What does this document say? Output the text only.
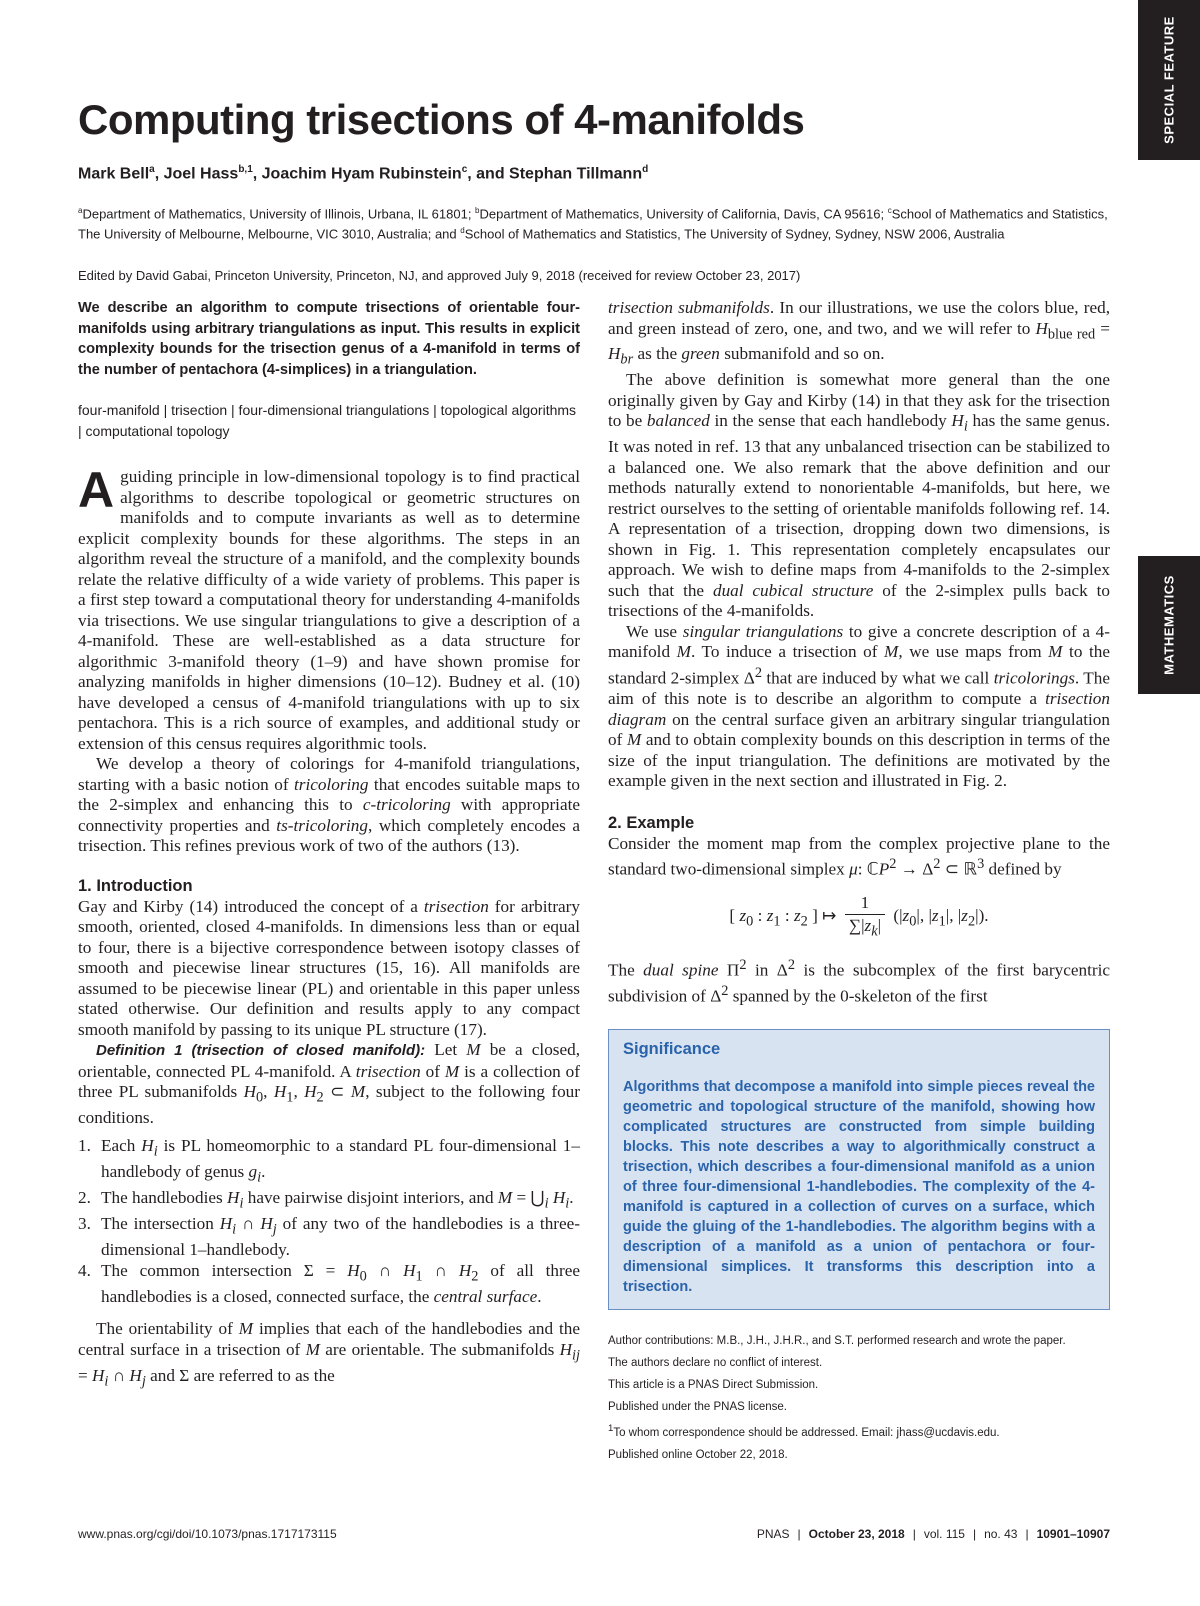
SPECIAL FEATURE
MATHEMATICS
Computing trisections of 4-manifolds
Mark Bell$^a$, Joel Hass$^{b,1}$, Joachim Hyam Rubinstein$^c$, and Stephan Tillmann$^d$
$^a$Department of Mathematics, University of Illinois, Urbana, IL 61801; $^b$Department of Mathematics, University of California, Davis, CA 95616; $^c$School of Mathematics and Statistics, The University of Melbourne, Melbourne, VIC 3010, Australia; and $^d$School of Mathematics and Statistics, The University of Sydney, Sydney, NSW 2006, Australia
Edited by David Gabai, Princeton University, Princeton, NJ, and approved July 9, 2018 (received for review October 23, 2017)

We describe an algorithm to compute trisections of orientable four-manifolds using arbitrary triangulations as input. This results in explicit complexity bounds for the trisection genus of a 4-manifold in terms of the number of pentachora (4-simplices) in a triangulation.

four-manifold | trisection | four-dimensional triangulations | topological algorithms | computational topology

A guiding principle in low-dimensional topology is to find practical algorithms to describe topological or geometric structures on manifolds and to compute invariants as well as to determine explicit complexity bounds for these algorithms. The steps in an algorithm reveal the structure of a manifold, and the complexity bounds relate the relative difficulty of a wide variety of problems. This paper is a first step toward a computational theory for understanding 4-manifolds via trisections. We use singular triangulations to give a description of a 4-manifold. These are well-established as a data structure for algorithmic 3-manifold theory (1–9) and have shown promise for analyzing manifolds in higher dimensions (10–12). Budney et al. (10) have developed a census of 4-manifold triangulations with up to six pentachora. This is a rich source of examples, and additional study or extension of this census requires algorithmic tools.

We develop a theory of colorings for 4-manifold triangulations, starting with a basic notion of tricoloring that encodes suitable maps to the 2-simplex and enhancing this to c-tricoloring with appropriate connectivity properties and ts-tricoloring, which completely encodes a trisection. This refines previous work of two of the authors (13).

1. Introduction

Gay and Kirby (14) introduced the concept of a trisection for arbitrary smooth, oriented, closed 4-manifolds. In dimensions less than or equal to four, there is a bijective correspondence between isotopy classes of smooth and piecewise linear structures (15, 16). All manifolds are assumed to be piecewise linear (PL) and orientable in this paper unless stated otherwise. Our definition and results apply to any compact smooth manifold by passing to its unique PL structure (17).

Definition 1 (trisection of closed manifold): Let M be a closed, orientable, connected PL 4-manifold. A trisection of M is a collection of three PL submanifolds $H_0$, $H_1$, $H_2$ ⊂ M, subject to the following four conditions.

1. Each $H_i$ is PL homeomorphic to a standard PL four-dimensional 1–handlebody of genus $g_i$.
2. The handlebodies $H_i$ have pairwise disjoint interiors, and $M = ⋃_i$ $H_i$.
3. The intersection $H_i$ ∩ $H_j$ of any two of the handlebodies is a three-dimensional 1–handlebody.
4. The common intersection $\Sigma = H_0$ ∩ $H_1$ ∩ $H_2$ of all three handlebodies is a closed, connected surface, the central surface.

The orientability of M implies that each of the handlebodies and the central surface in a trisection of M are orientable. The submanifolds $H_{ij} = H_i$ ∩ $H_j$ and Σ are referred to as the

trisection submanifolds. In our illustrations, we use the colors blue, red, and green instead of zero, one, and two, and we will refer to $H_{blue red} = H_{br}$ as the green submanifold and so on.

The above definition is somewhat more general than the one originally given by Gay and Kirby (14) in that they ask for the trisection to be balanced in the sense that each handlebody $H_i$ has the same genus. It was noted in ref. 13 that any unbalanced trisection can be stabilized to a balanced one. We also remark that the above definition and our methods naturally extend to nonorientable 4-manifolds, but here, we restrict ourselves to the setting of orientable manifolds following ref. 14. A representation of a trisection, dropping down two dimensions, is shown in Fig. 1. This representation completely encapsulates our approach. We wish to define maps from 4-manifolds to the 2-simplex such that the dual cubical structure of the 2-simplex pulls back to trisections of the 4-manifolds.

We use singular triangulations to give a concrete description of a 4-manifold M. To induce a trisection of M, we use maps from M to the standard 2-simplex $\Delta^2$ that are induced by what we call tricolorings. The aim of this note is to describe an algorithm to compute a trisection diagram on the central surface given an arbitrary singular triangulation of M and to obtain complexity bounds on this description in terms of the size of the input triangulation. The definitions are motivated by the example given in the next section and illustrated in Fig. 2.

2. Example

Consider the moment map from the complex projective plane to the standard two-dimensional simplex μ: ℂP$^2$ → $\Delta^2$ ⊂ ℝ$^3$ defined by

[ $z_0$ : $z_1$ : $z_2$ ] ↦ $\frac{1}{\sum|z_k|} (|z_0|$, $|z_1|$, $|z_2|$).

The dual spine $\Pi^2$ in $\Delta^2$ is the subcomplex of the first barycentric subdivision of $\Delta^2$ spanned by the 0-skeleton of the first

Significance

Algorithms that decompose a manifold into simple pieces reveal the geometric and topological structure of the manifold, showing how complicated structures are constructed from simple building blocks. This note describes a way to algorithmically construct a trisection, which describes a four-dimensional manifold as a union of three four-dimensional 1-handlebodies. The complexity of the 4-manifold is captured in a collection of curves on a surface, which guide the gluing of the 1-handlebodies. The algorithm begins with a description of a manifold as a union of pentachora or four-dimensional simplices. It transforms this description into a trisection.

Author contributions: M.B., J.H., J.H.R., and S.T. performed research and wrote the paper.
The authors declare no conflict of interest.
This article is a PNAS Direct Submission.
Published under the PNAS license.
$^1$To whom correspondence should be addressed. Email: jhass@ucdavis.edu.
Published online October 22, 2018.
www.pnas.org/cgi/doi/10.1073/pnas.1717173115	PNAS | October 23, 2018 | vol. 115 | no. 43 | 10901–10907
